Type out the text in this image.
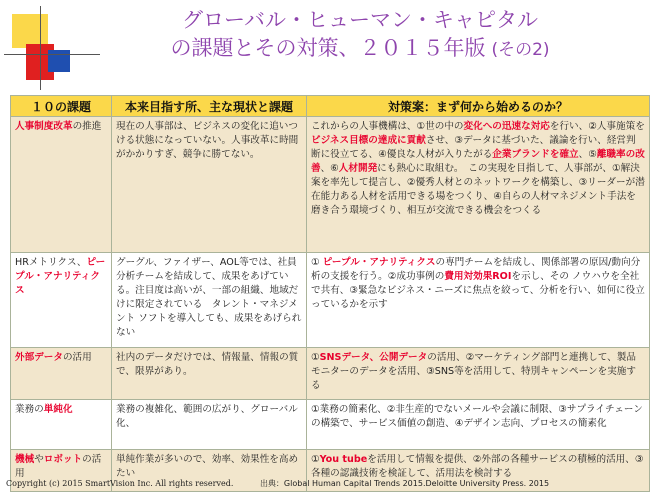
グローバル・ヒューマン・キャピタル
の課題とその対策、２０１５年版 (その2)
１０の課題	本来目指す所、主な現状と課題	対策案：まず何から始めるのか？
人事制度改革の推進	現在の人事部は、ビジネスの変化に追いつける状態になっていない。人事改革に時間がかかりすぎ、競争に勝てない。	これからの人事機構は、①世の中の変化への迅速な対応を行い、②人事施策をビジネス目標の達成に貢献させ、③データに基づいた、議論を行い、経営判断に役立てる、④優良な人材が入りたがる企業ブランドを確立、⑤離職率の改善、⑥人材開発にも熱心に取組む。　この実現を目指して、人事部が、①解決案を率先して提言し、②優秀人材とのネットワークを構築し、③リーダーが潜在能力ある人材を活用できる場をつくり、④自らの人材マネジメント手法を磨き合う環境づくり、相互が交流できる機会をつくる
HRメトリクス、ピープル・アナリティクス	グーグル、ファイザー、AOL等では、社員分析チームを結成して、成果をあげている。注目度は高いが、一部の組織、地域だけに限定されている　タレント・マネジメント ソフトを導入しても、成果をあげられない	① ピープル・アナリティクスの専門チームを結成し、関係部署の原因/動向分析の支援を行う。②成功事例の費用対効果ROIを示し、その ノウハウを全社で共有、③緊急なビジネス・ニーズに焦点を絞って、分析を行い、如何に役立っているかを示す
外部データの活用	社内のデータだけでは、情報量、情報の質で、限界があり。	①SNSデータ、公開データの活用、②マーケティング部門と連携して、製品モニターのデータを活用、③SNS等を活用して、特別キャンペーンを実施する
業務の単純化	業務の複雑化、範囲の広がり、グローバル化、	①業務の簡素化、②非生産的でないメールや会議に制限、③サプライチェーンの構築で、サービス価値の創造、④デザイン志向、プロセスの簡素化
機械やロボットの活用	単純作業が多いので、効率、効果性を高めたい	①You tubeを活用して情報を提供、②外部の各種サービスの積極的活用、③各種の認識技術を検証して、活用法を検討する
Copyright (c) 2015 SmartVision Inc. All rights reserved.	出典：Global Human Capital Trends 2015.Deloitte University Press. 2015
